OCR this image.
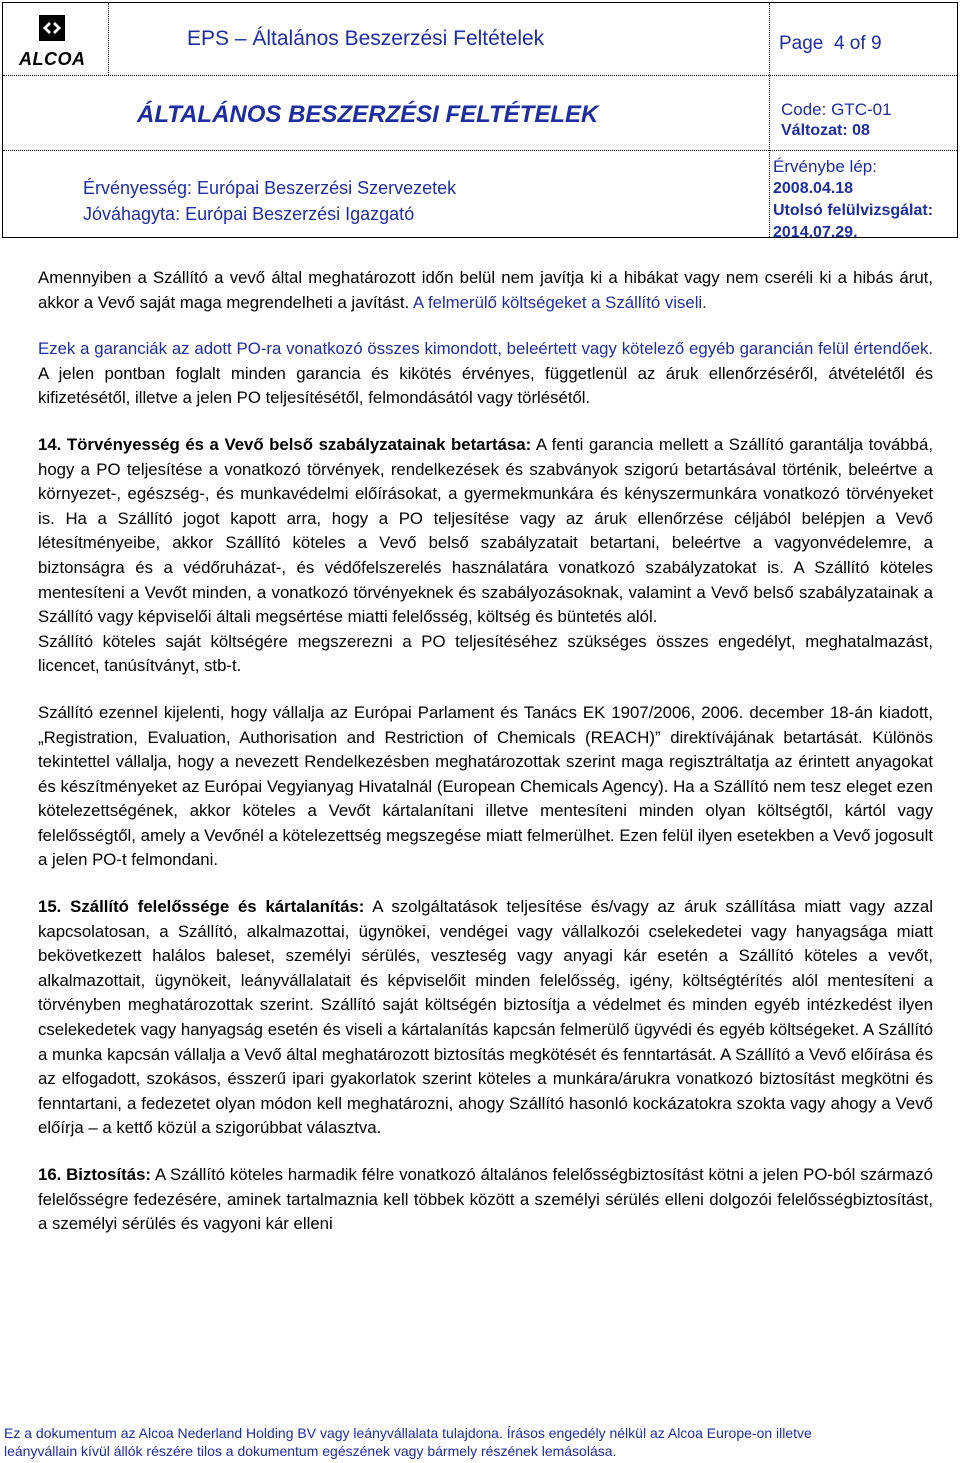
ALCOA
EPS – Általános Beszerzési Feltételek	Page 4 of 9
ÁLTALÁNOS BESZERZÉSI FELTÉTELEK	Code: GTC-01
Változat: 08
Érvényesség: Európai Beszerzési Szervezetek
Jóváhagyta: Európai Beszerzési Igazgató
Érvénybe lép:
2008.04.18
Utolsó felülvizsgálat:
2014.07.29.

Amennyiben a Szállító a vevő által meghatározott időn belül nem javítja ki a hibákat vagy nem cseréli ki a hibás árut, akkor a Vevő saját maga megrendelheti a javítást. A felmerülő költségeket a Szállító viseli.

Ezek a garanciák az adott PO-ra vonatkozó összes kimondott, beleértett vagy kötelező egyéb garancián felül értendőek. A jelen pontban foglalt minden garancia és kikötés érvényes, függetlenül az áruk ellenőrzéséről, átvételétől és kifizetésétől, illetve a jelen PO teljesítésétől, felmondásától vagy törlésétől.

14. Törvényesség és a Vevő belső szabályzatainak betartása: A fenti garancia mellett a Szállító garantálja továbbá, hogy a PO teljesítése a vonatkozó törvények, rendelkezések és szabványok szigorú betartásával történik, beleértve a környezet-, egészség-, és munkavédelmi előírásokat, a gyermekmunkára és kényszermunkára vonatkozó törvényeket is. Ha a Szállító jogot kapott arra, hogy a PO teljesítése vagy az áruk ellenőrzése céljából belépjen a Vevő létesítményeibe, akkor Szállító köteles a Vevő belső szabályzatait betartani, beleértve a vagyonvédelemre, a biztonságra és a védőruházat-, és védőfelszerelés használatára vonatkozó szabályzatokat is. A Szállító köteles mentesíteni a Vevőt minden, a vonatkozó törvényeknek és szabályozásoknak, valamint a Vevő belső szabályzatainak a Szállító vagy képviselői általi megsértése miatti felelősség, költség és büntetés alól.

Szállító köteles saját költségére megszerezni a PO teljesítéséhez szükséges összes engedélyt, meghatalmazást, licencet, tanúsítványt, stb-t.

Szállító ezennel kijelenti, hogy vállalja az Európai Parlament és Tanács EK 1907/2006, 2006. december 18-án kiadott, „Registration, Evaluation, Authorisation and Restriction of Chemicals (REACH)” direktívájának betartását. Különös tekintettel vállalja, hogy a nevezett Rendelkezésben meghatározottak szerint maga regisztráltatja az érintett anyagokat és készítményeket az Európai Vegyianyag Hivatalnál (European Chemicals Agency). Ha a Szállító nem tesz eleget ezen kötelezettségének, akkor köteles a Vevőt kártalanítani illetve mentesíteni minden olyan költségtől, kártól vagy felelősségtől, amely a Vevőnél a kötelezettség megszegése miatt felmerülhet. Ezen felül ilyen esetekben a Vevő jogosult a jelen PO-t felmondani.

15. Szállító felelőssége és kártalanítás: A szolgáltatások teljesítése és/vagy az áruk szállítása miatt vagy azzal kapcsolatosan, a Szállító, alkalmazottai, ügynökei, vendégei vagy vállalkozói cselekedetei vagy hanyagsága miatt bekövetkezett halálos baleset, személyi sérülés, veszteség vagy anyagi kár esetén a Szállító köteles a vevőt, alkalmazottait, ügynökeit, leányvállalatait és képviselőit minden felelősség, igény, költségtérítés alól mentesíteni a törvényben meghatározottak szerint. Szállító saját költségén biztosítja a védelmet és minden egyéb intézkedést ilyen cselekedetek vagy hanyagság esetén és viseli a kártalanítás kapcsán felmerülő ügyvédi és egyéb költségeket. A Szállító a munka kapcsán vállalja a Vevő által meghatározott biztosítás megkötését és fenntartását. A Szállító a Vevő előírása és az elfogadott, szokásos, ésszerű ipari gyakorlatok szerint köteles a munkára/árukra vonatkozó biztosítást megkötni és fenntartani, a fedezetet olyan módon kell meghatározni, ahogy Szállító hasonló kockázatokra szokta vagy ahogy a Vevő előírja – a kettő közül a szigorúbbat választva.

16. Biztosítás: A Szállító köteles harmadik félre vonatkozó általános felelősségbiztosítást kötni a jelen PO-ból származó felelősségre fedezésére, aminek tartalmaznia kell többek között a személyi sérülés elleni dolgozói felelősségbiztosítást, a személyi sérülés és vagyoni kár elleni

Ez a dokumentum az Alcoa Nederland Holding BV vagy leányvállalata tulajdona. Írásos engedély nélkül az Alcoa Europe-on illetve
leányvállain kívül állók részére tilos a dokumentum egészének vagy bármely részének lemásolása.
